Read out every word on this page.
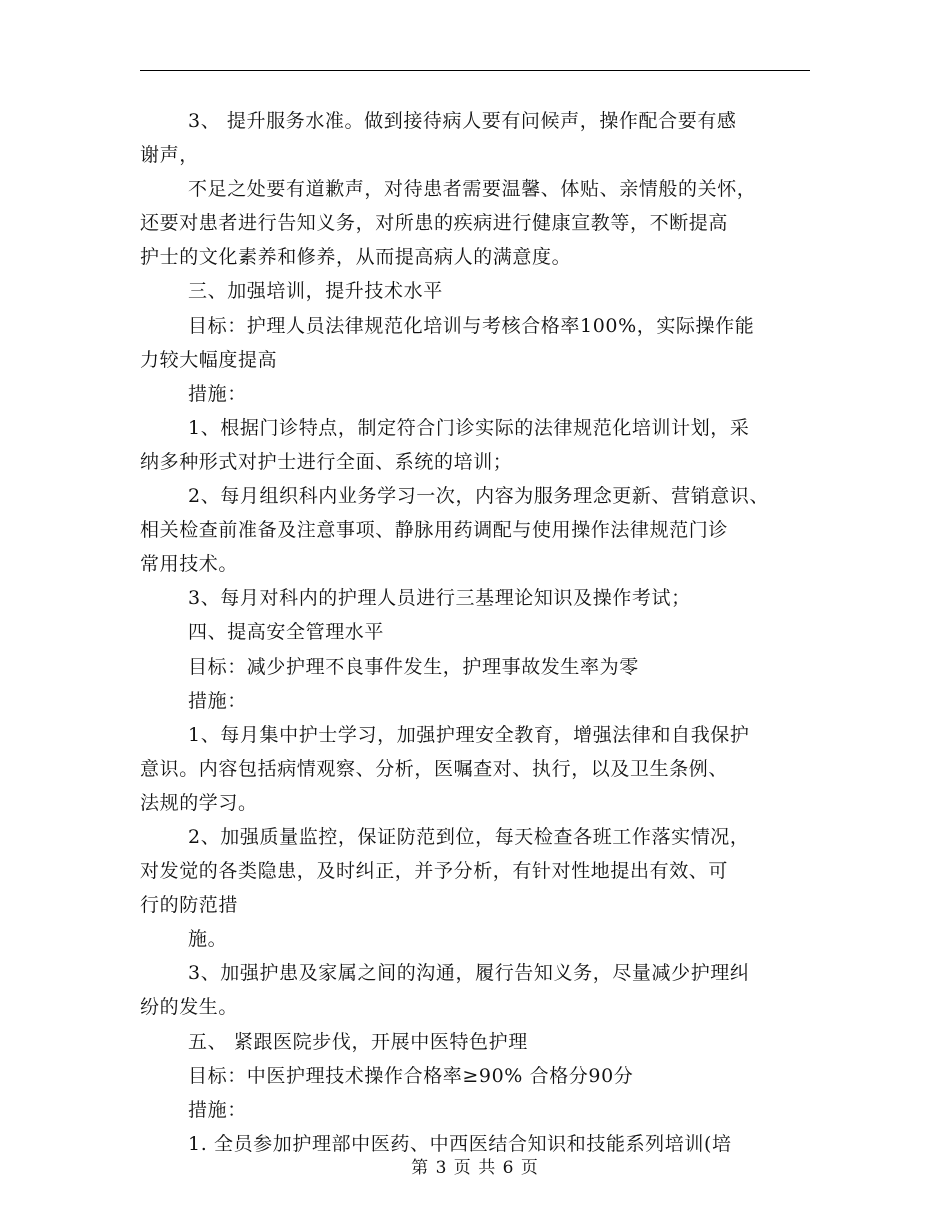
3、 提升服务水准。做到接待病人要有问候声，操作配合要有感
谢声，
不足之处要有道歉声，对待患者需要温馨、体贴、亲情般的关怀，
还要对患者进行告知义务，对所患的疾病进行健康宣教等，不断提高
护士的文化素养和修养，从而提高病人的满意度。
三、加强培训，提升技术水平
目标：护理人员法律规范化培训与考核合格率100%，实际操作能
力较大幅度提高
措施：
1、根据门诊特点，制定符合门诊实际的法律规范化培训计划，采
纳多种形式对护士进行全面、系统的培训；
2、每月组织科内业务学习一次，内容为服务理念更新、营销意识、
相关检查前准备及注意事项、静脉用药调配与使用操作法律规范门诊
常用技术。
3、每月对科内的护理人员进行三基理论知识及操作考试；
四、提高安全管理水平
目标：减少护理不良事件发生，护理事故发生率为零
措施：
1、每月集中护士学习，加强护理安全教育，增强法律和自我保护
意识。内容包括病情观察、分析，医嘱查对、执行，以及卫生条例、
法规的学习。
2、加强质量监控，保证防范到位，每天检查各班工作落实情况，
对发觉的各类隐患，及时纠正，并予分析，有针对性地提出有效、可
行的防范措
施。
3、加强护患及家属之间的沟通，履行告知义务，尽量减少护理纠
纷的发生。
五、 紧跟医院步伐，开展中医特色护理
目标：中医护理技术操作合格率≥90% 合格分90分
措施：
1. 全员参加护理部中医药、中西医结合知识和技能系列培训(培
第 3 页 共 6 页
